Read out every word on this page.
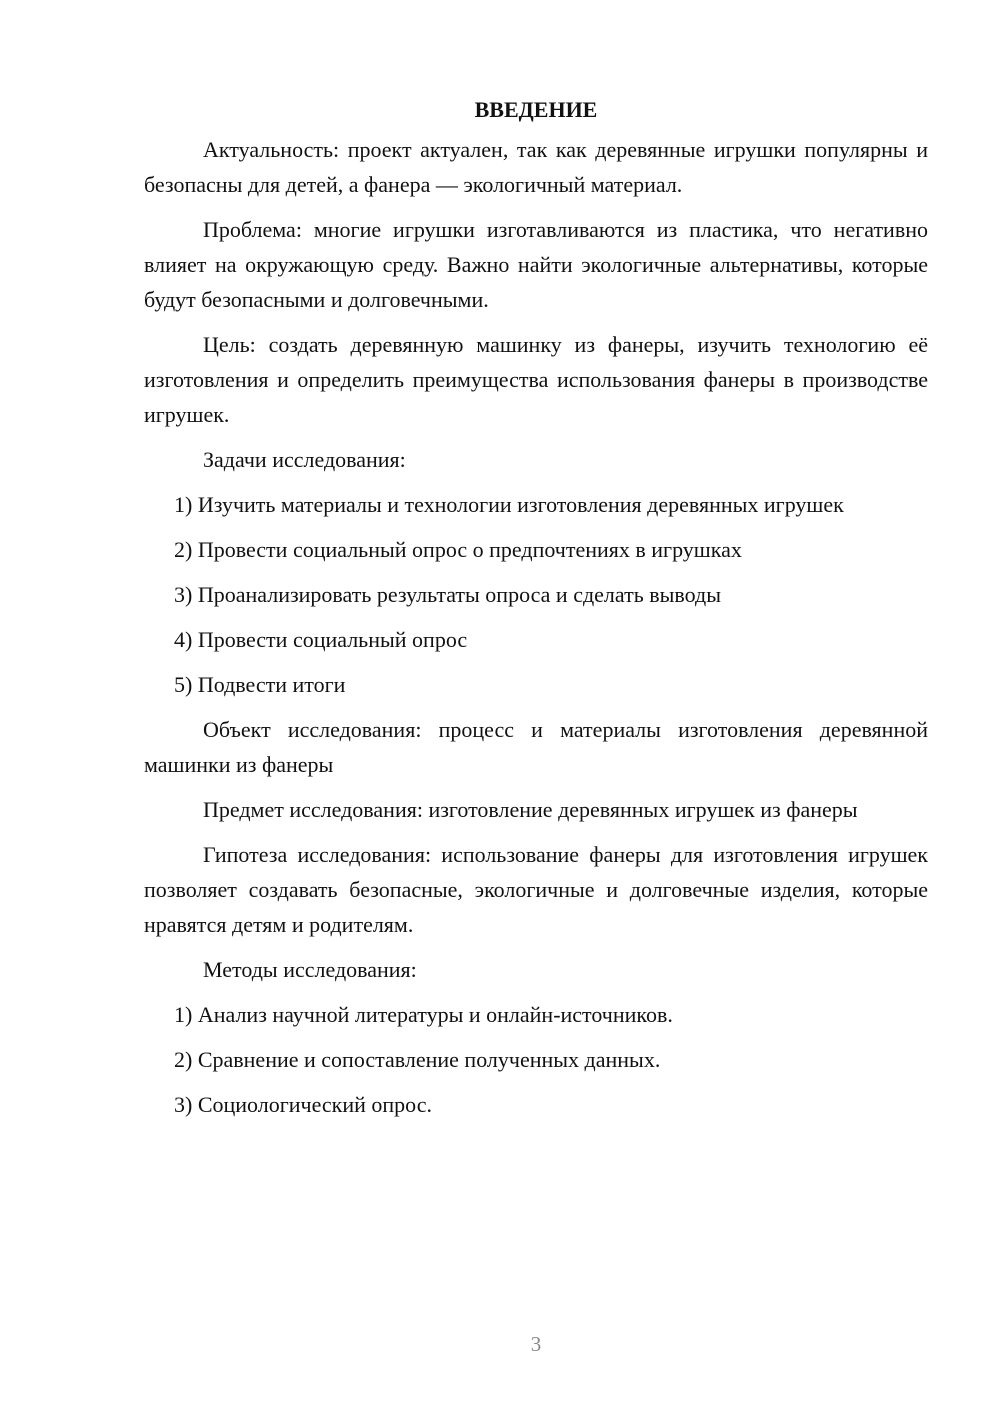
ВВЕДЕНИЕ

Актуальность: проект актуален, так как деревянные игрушки популярны и безопасны для детей, а фанера — экологичный материал.

Проблема: многие игрушки изготавливаются из пластика, что негативно влияет на окружающую среду. Важно найти экологичные альтернативы, которые будут безопасными и долговечными.

Цель: создать деревянную машинку из фанеры, изучить технологию её изготовления и определить преимущества использования фанеры в производстве игрушек.

Задачи исследования:

1) Изучить материалы и технологии изготовления деревянных игрушек

2) Провести социальный опрос о предпочтениях в игрушках

3) Проанализировать результаты опроса и сделать выводы

4) Провести социальный опрос

5) Подвести итоги

Объект исследования: процесс и материалы изготовления деревянной машинки из фанеры

Предмет исследования: изготовление деревянных игрушек из фанеры

Гипотеза исследования: использование фанеры для изготовления игрушек позволяет создавать безопасные, экологичные и долговечные изделия, которые нравятся детям и родителям.

Методы исследования:

1) Анализ научной литературы и онлайн-источников.

2) Сравнение и сопоставление полученных данных.

3) Социологический опрос.

3
